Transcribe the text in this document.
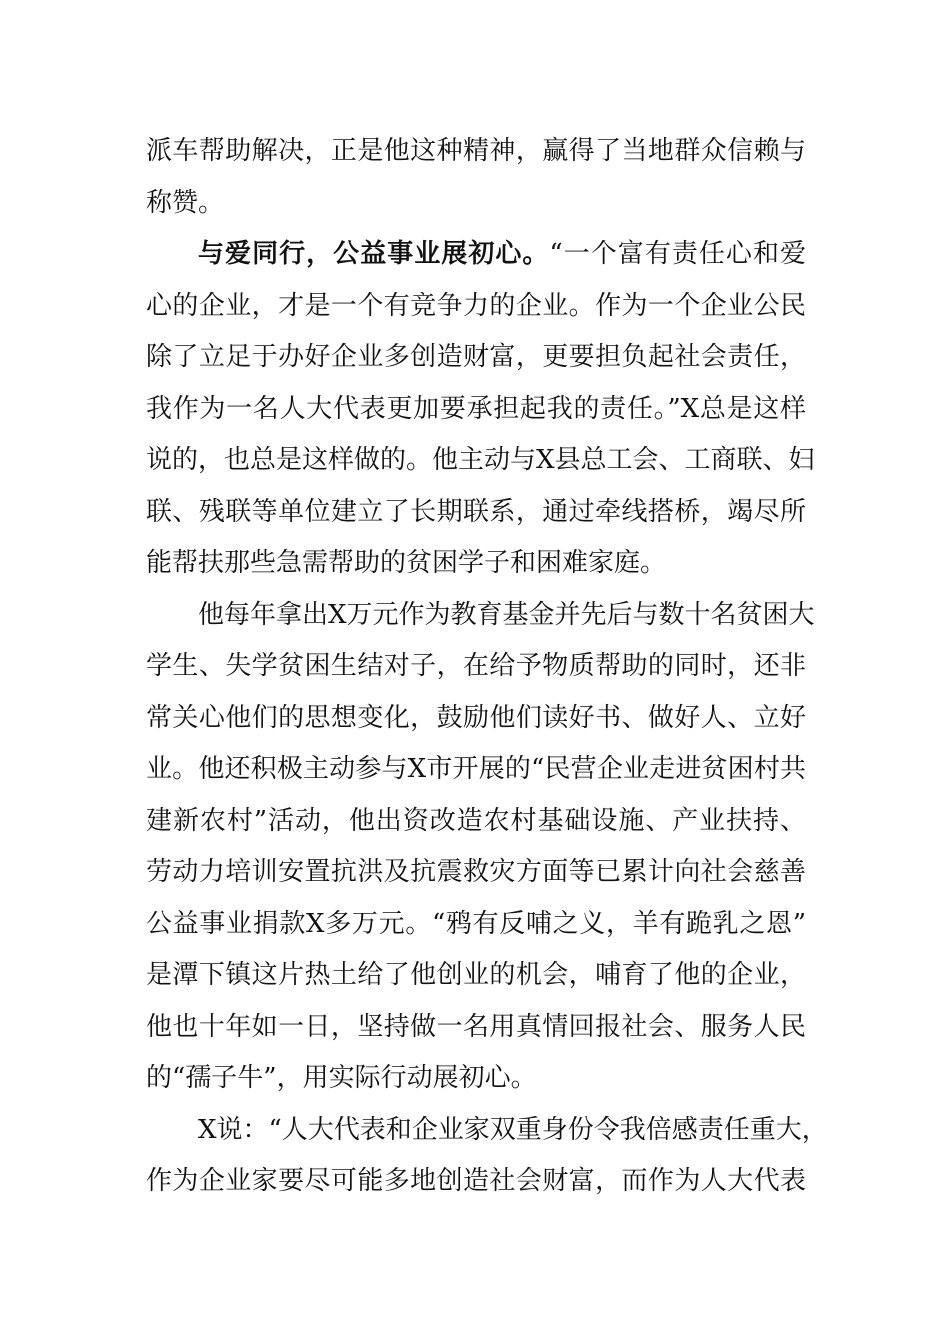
派车帮助解决，正是他这种精神，赢得了当地群众信赖与
称赞。
与爱同行，公益事业展初心。“一个富有责任心和爱
心的企业，才是一个有竞争力的企业。作为一个企业公民
除了立足于办好企业多创造财富，更要担负起社会责任，
我作为一名人大代表更加要承担起我的责任。”X总是这样
说的，也总是这样做的。他主动与X县总工会、工商联、妇
联、残联等单位建立了长期联系，通过牵线搭桥，竭尽所
能帮扶那些急需帮助的贫困学子和困难家庭。
他每年拿出X万元作为教育基金并先后与数十名贫困大
学生、失学贫困生结对子，在给予物质帮助的同时，还非
常关心他们的思想变化，鼓励他们读好书、做好人、立好
业。他还积极主动参与X市开展的“民营企业走进贫困村共
建新农村”活动，他出资改造农村基础设施、产业扶持、
劳动力培训安置抗洪及抗震救灾方面等已累计向社会慈善
公益事业捐款X多万元。“鸦有反哺之义，羊有跪乳之恩”
是潭下镇这片热土给了他创业的机会，哺育了他的企业，
他也十年如一日，坚持做一名用真情回报社会、服务人民
的“孺子牛”，用实际行动展初心。
X说：“人大代表和企业家双重身份令我倍感责任重大，
作为企业家要尽可能多地创造社会财富，而作为人大代表
